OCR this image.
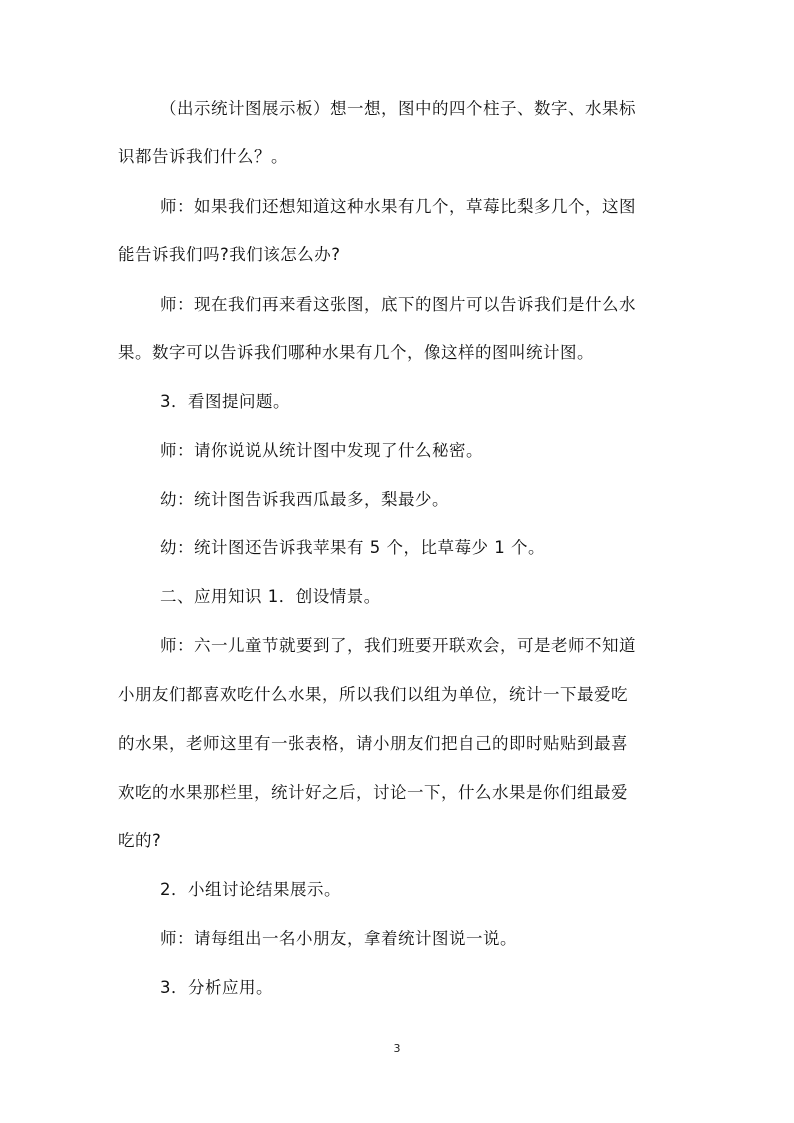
（出示统计图展示板）想一想，图中的四个柱子、数字、水果标
识都告诉我们什么？。
师：如果我们还想知道这种水果有几个，草莓比梨多几个，这图
能告诉我们吗?我们该怎么办?
师：现在我们再来看这张图，底下的图片可以告诉我们是什么水
果。数字可以告诉我们哪种水果有几个，像这样的图叫统计图。
3．看图提问题。
师：请你说说从统计图中发现了什么秘密。
幼：统计图告诉我西瓜最多，梨最少。
幼：统计图还告诉我苹果有 5 个，比草莓少 1 个。
二、应用知识 1．创设情景。
师：六一儿童节就要到了，我们班要开联欢会，可是老师不知道
小朋友们都喜欢吃什么水果，所以我们以组为单位，统计一下最爱吃
的水果，老师这里有一张表格，请小朋友们把自己的即时贴贴到最喜
欢吃的水果那栏里，统计好之后，讨论一下，什么水果是你们组最爱
吃的?
2．小组讨论结果展示。
师：请每组出一名小朋友，拿着统计图说一说。
3．分析应用。
3
